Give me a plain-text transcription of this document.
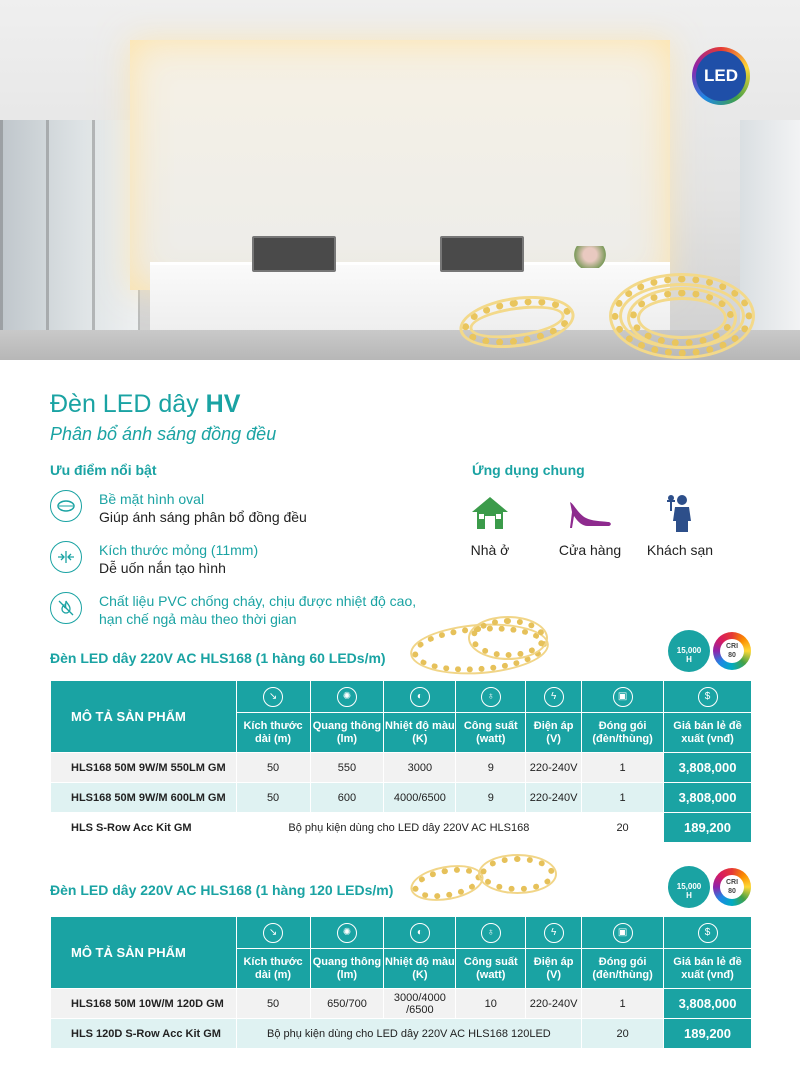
LED
Đèn LED dây HV
Phân bổ ánh sáng đồng đều
Ưu điểm nổi bật
Bề mặt hình oval
Giúp ánh sáng phân bổ đồng đều
Kích thước mỏng (11mm)
Dễ uốn nắn tạo hình
Chất liệu PVC chống cháy, chịu được nhiệt độ cao,
hạn chế ngả màu theo thời gian
Ứng dụng chung
Nhà ở	Cửa hàng	Khách sạn
Đèn LED dây 220V AC HLS168 (1 hàng 60 LEDs/m)	15,000
H
CRI
80
MÔ TẢ SẢN PHẨM	↘	✺	◐	♁	ϟ	▣	$
	Kích thước dài (m)	Quang thông (lm)	Nhiệt độ màu (K)	Công suất (watt)	Điện áp (V)	Đóng gói (đèn/thùng)	Giá bán lẻ đề xuất (vnđ)
HLS168 50M 9W/M 550LM GM	50	550	3000	9	220-240V	1	3,808,000
HLS168 50M 9W/M 600LM GM	50	600	4000/6500	9	220-240V	1	3,808,000
HLS S-Row Acc Kit GM	Bộ phụ kiện dùng cho LED dây 220V AC HLS168					20	189,200
Đèn LED dây 220V AC HLS168 (1 hàng 120 LEDs/m)	15,000
H
CRI
80
MÔ TẢ SẢN PHẨM	↘	✺	◐	♁	ϟ	▣	$
	Kích thước dài (m)	Quang thông (lm)	Nhiệt độ màu (K)	Công suất (watt)	Điện áp (V)	Đóng gói (đèn/thùng)	Giá bán lẻ đề xuất (vnđ)
HLS168 50M 10W/M 120D GM	50	650/700	3000/4000 /6500	10	220-240V	1	3,808,000
HLS 120D S-Row Acc Kit GM	Bộ phụ kiện dùng cho LED dây 220V AC HLS168 120LED					20	189,200
